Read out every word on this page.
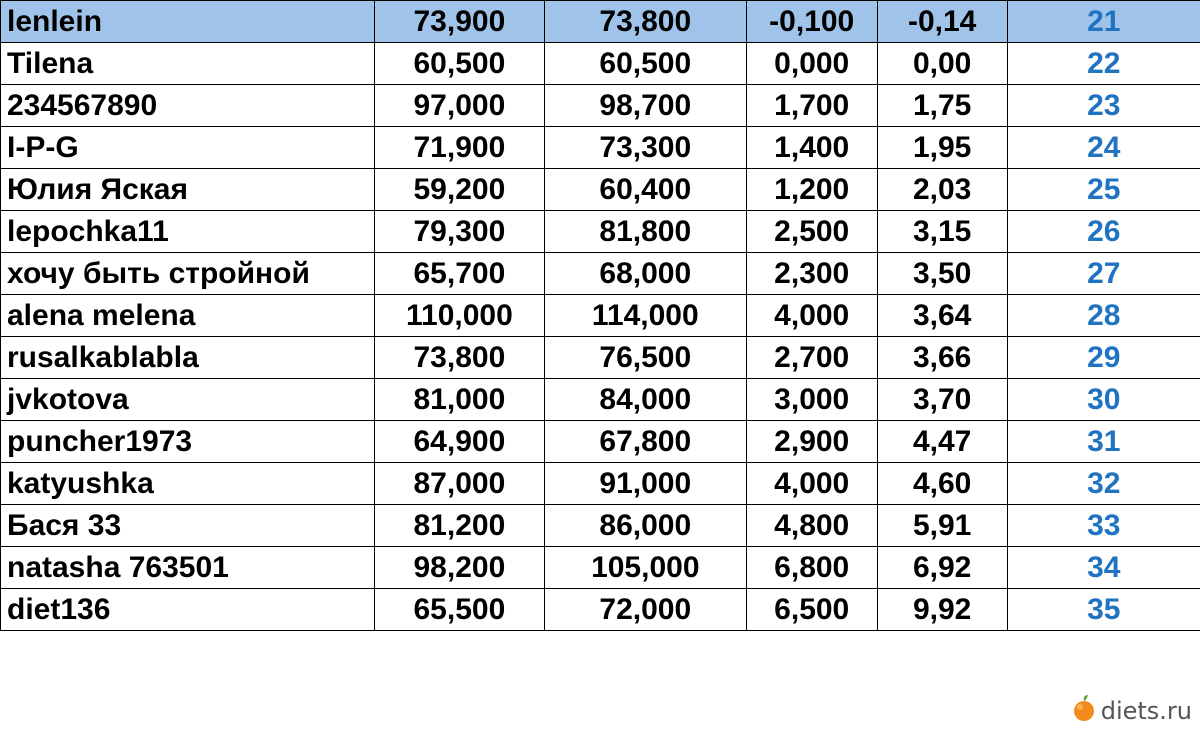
lenlein	73,900	73,800	-0,100	-0,14	21
Tilena	60,500	60,500	0,000	0,00	22
234567890	97,000	98,700	1,700	1,75	23
I-P-G	71,900	73,300	1,400	1,95	24
Юлия Яская	59,200	60,400	1,200	2,03	25
lepochka11	79,300	81,800	2,500	3,15	26
хочу быть стройной	65,700	68,000	2,300	3,50	27
alena melena	110,000	114,000	4,000	3,64	28
rusalkablabla	73,800	76,500	2,700	3,66	29
jvkotova	81,000	84,000	3,000	3,70	30
puncher1973	64,900	67,800	2,900	4,47	31
katyushka	87,000	91,000	4,000	4,60	32
Бася 33	81,200	86,000	4,800	5,91	33
natasha 763501	98,200	105,000	6,800	6,92	34
diet136	65,500	72,000	6,500	9,92	35
diets.ru
